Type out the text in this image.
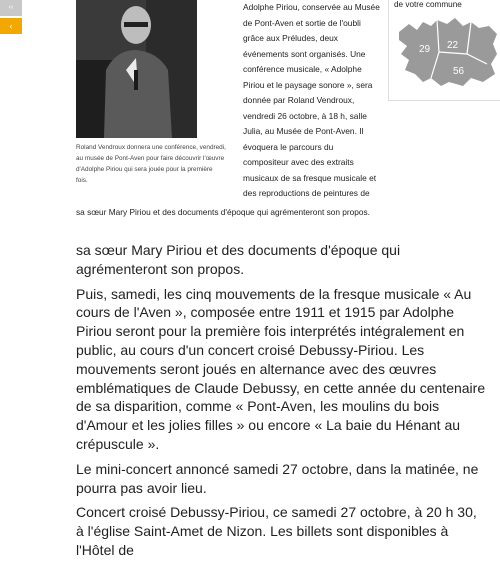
‹‹
‹
Roland Vendroux donnera une conférence, vendredi, au musée de Pont-Aven pour faire découvrir l'œuvre d'Adolphe Piriou qui sera jouée pour la première fois.
Adolphe Piriou, conservée au Musée de Pont-Aven et sortie de l'oubli grâce aux Préludes, deux événements sont organisés. Une conférence musicale, « Adolphe Piriou et le paysage sonore », sera donnée par Roland Vendroux, vendredi 26 octobre, à 18 h, salle Julia, au Musée de Pont-Aven. Il évoquera le parcours du compositeur avec des extraits musicaux de sa fresque musicale et des reproductions de peintures de
sa sœur Mary Piriou et des documents d'époque qui agrémenteront son propos.
de votre commune
29 22
56

sa sœur Mary Piriou et des documents d'époque qui agrémenteront son propos.

Puis, samedi, les cinq mouvements de la fresque musicale « Au cours de l'Aven », composée entre 1911 et 1915 par Adolphe Piriou seront pour la première fois interprétés intégralement en public, au cours d'un concert croisé Debussy-Piriou. Les mouvements seront joués en alternance avec des œuvres emblématiques de Claude Debussy, en cette année du centenaire de sa disparition, comme « Pont-Aven, les moulins du bois d'Amour et les jolies filles » ou encore « La baie du Hénant au crépuscule ».

Le mini-concert annoncé samedi 27 octobre, dans la matinée, ne pourra pas avoir lieu.

Concert croisé Debussy-Piriou, ce samedi 27 octobre, à 20 h 30, à l'église Saint-Amet de Nizon. Les billets sont disponibles à l'Hôtel de
